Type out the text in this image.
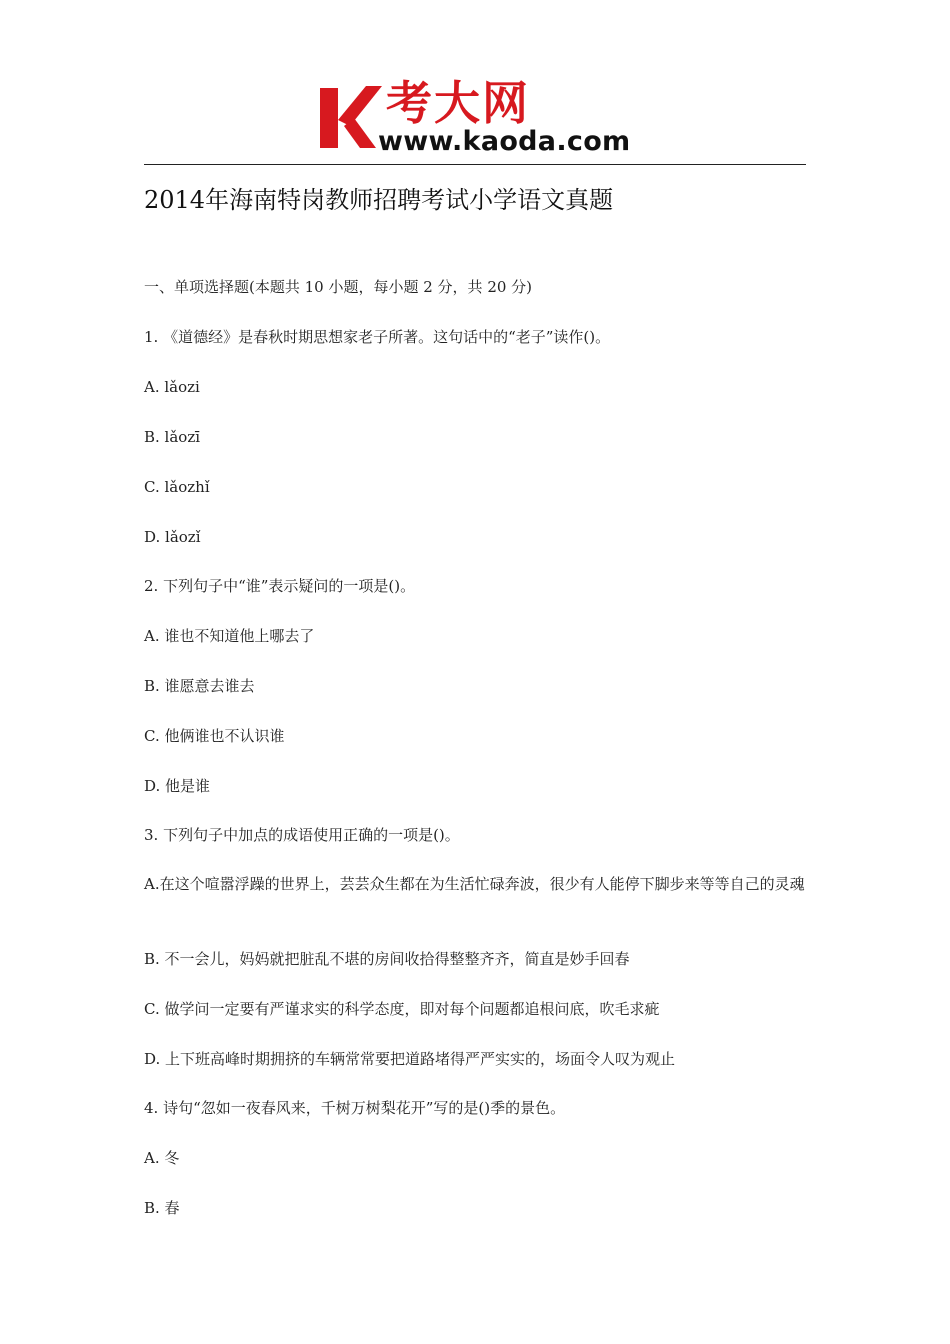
考大网
www.kaoda.com
2014年海南特岗教师招聘考试小学语文真题
一、单项选择题(本题共 10 小题，每小题 2 分，共 20 分)
1. 《道德经》是春秋时期思想家老子所著。这句话中的“老子”读作()。
A. lǎozi
B. lǎozī
C. lǎozhǐ
D. lǎozǐ
2. 下列句子中“谁”表示疑问的一项是()。
A. 谁也不知道他上哪去了
B. 谁愿意去谁去
C. 他俩谁也不认识谁
D. 他是谁
3. 下列句子中加点的成语使用正确的一项是()。
A.在这个喧嚣浮躁的世界上，芸芸众生都在为生活忙碌奔波，很少有人能停下脚步来等等自己的灵魂
B. 不一会儿，妈妈就把脏乱不堪的房间收拾得整整齐齐，简直是妙手回春
C. 做学问一定要有严谨求实的科学态度，即对每个问题都追根问底，吹毛求疵
D. 上下班高峰时期拥挤的车辆常常要把道路堵得严严实实的，场面令人叹为观止
4. 诗句“忽如一夜春风来，千树万树梨花开”写的是()季的景色。
A. 冬
B. 春
